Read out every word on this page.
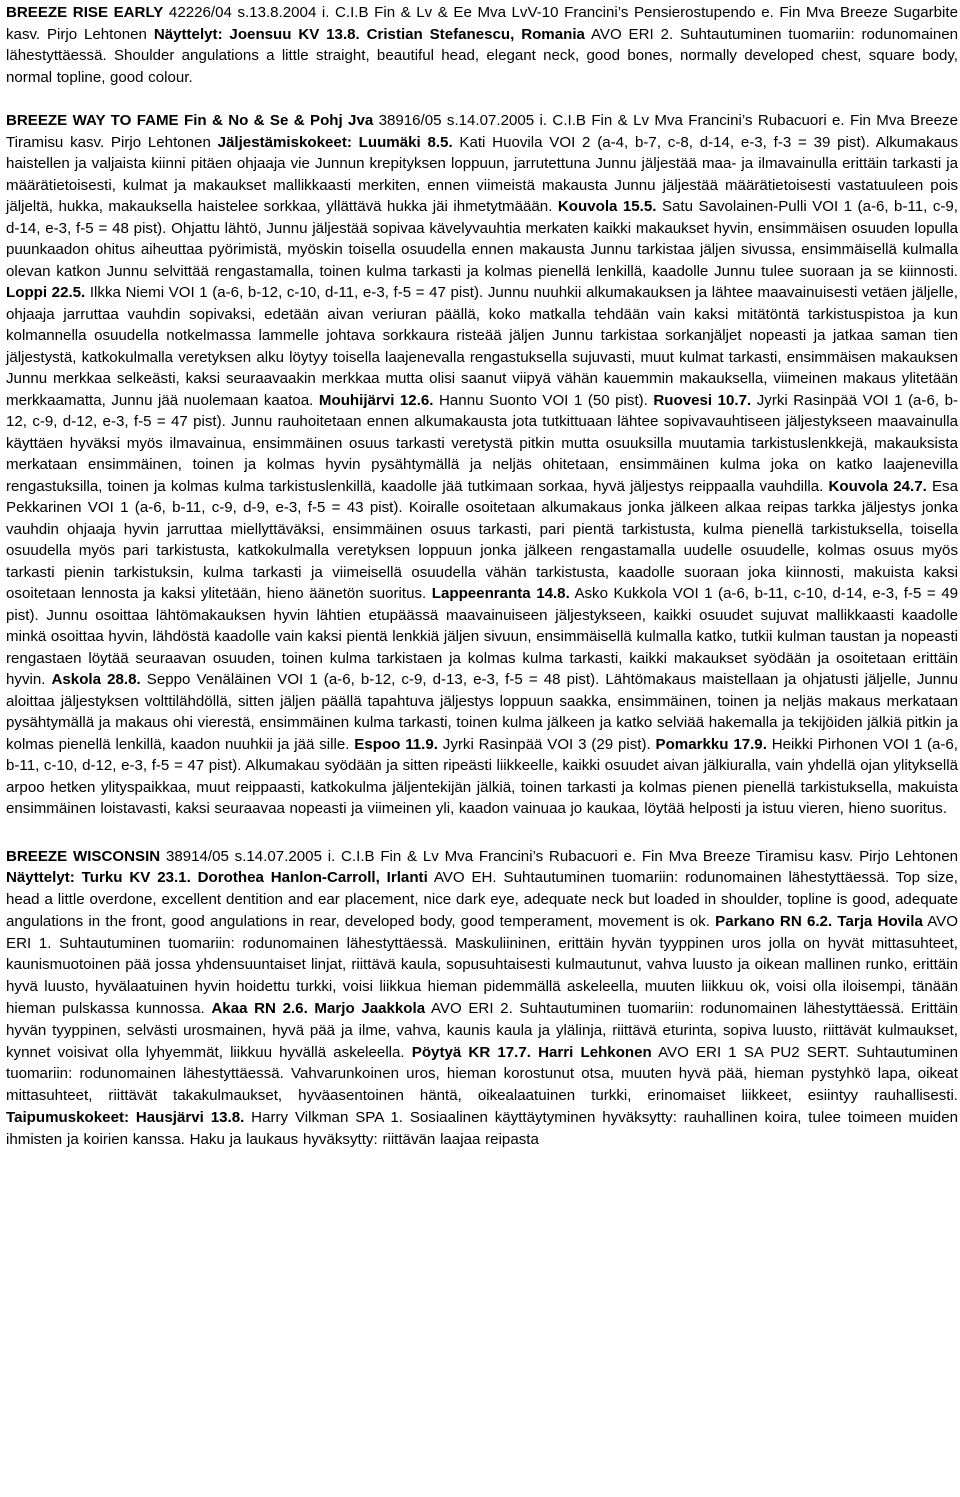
BREEZE RISE EARLY 42226/04 s.13.8.2004 i. C.I.B Fin & Lv & Ee Mva LvV-10 Francini’s Pensierostupendo e. Fin Mva Breeze Sugarbite kasv. Pirjo Lehtonen Näyttelyt: Joensuu KV 13.8. Cristian Stefanescu, Romania AVO ERI 2. Suhtautuminen tuomariin: rodunomainen lähestyttäessä. Shoulder angulations a little straight, beautiful head, elegant neck, good bones, normally developed chest, square body, normal topline, good colour.

BREEZE WAY TO FAME Fin & No & Se & Pohj Jva 38916/05 s.14.07.2005 i. C.I.B Fin & Lv Mva Francini’s Rubacuori e. Fin Mva Breeze Tiramisu kasv. Pirjo Lehtonen Jäljestämiskokeet: Luumäki 8.5. Kati Huovila VOI 2 (a-4, b-7, c-8, d-14, e-3, f-3 = 39 pist). Alkumakaus haistellen ja valjaista kiinni pitäen ohjaaja vie Junnun krepityksen loppuun, jarrutettuna Junnu jäljestää maa- ja ilmavainulla erittäin tarkasti ja määrätietoisesti, kulmat ja makaukset mallikkaasti merkiten, ennen viimeistä makausta Junnu jäljestää määrätietoisesti vastatuuleen pois jäljeltä, hukka, makauksella haistelee sorkkaa, yllättävä hukka jäi ihmetytmäään. Kouvola 15.5. Satu Savolainen-Pulli VOI 1 (a-6, b-11, c-9, d-14, e-3, f-5 = 48 pist). Ohjattu lähtö, Junnu jäljestää sopivaa kävelyvauhtia merkaten kaikki makaukset hyvin, ensimmäisen osuuden lopulla puunkaadon ohitus aiheuttaa pyörimistä, myöskin toisella osuudella ennen makausta Junnu tarkistaa jäljen sivussa, ensimmäisellä kulmalla olevan katkon Junnu selvittää rengastamalla, toinen kulma tarkasti ja kolmas pienellä lenkillä, kaadolle Junnu tulee suoraan ja se kiinnosti. Loppi 22.5. Ilkka Niemi VOI 1 (a-6, b-12, c-10, d-11, e-3, f-5 = 47 pist). Junnu nuuhkii alkumakauksen ja lähtee maavainuisesti vetäen jäljelle, ohjaaja jarruttaa vauhdin sopivaksi, edetään aivan veriuran päällä, koko matkalla tehdään vain kaksi mitätöntä tarkistuspistoa ja kun kolmannella osuudella notkelmassa lammelle johtava sorkkaura risteää jäljen Junnu tarkistaa sorkanjäljet nopeasti ja jatkaa saman tien jäljestystä, katkokulmalla veretyksen alku löytyy toisella laajenevalla rengastuksella sujuvasti, muut kulmat tarkasti, ensimmäisen makauksen Junnu merkkaa selkeästi, kaksi seuraavaakin merkkaa mutta olisi saanut viipyä vähän kauemmin makauksella, viimeinen makaus ylitetään merkkaamatta, Junnu jää nuolemaan kaatoa. Mouhijärvi 12.6. Hannu Suonto VOI 1 (50 pist). Ruovesi 10.7. Jyrki Rasinpää VOI 1 (a-6, b-12, c-9, d-12, e-3, f-5 = 47 pist). Junnu rauhoitetaan ennen alkumakausta jota tutkittuaan lähtee sopivavauhtiseen jäljestykseen maavainulla käyttäen hyväksi myös ilmavainua, ensimmäinen osuus tarkasti veretystä pitkin mutta osuuksilla muutamia tarkistuslenkkejä, makauksista merkataan ensimmäinen, toinen ja kolmas hyvin pysähtymällä ja neljäs ohitetaan, ensimmäinen kulma joka on katko laajenevilla rengastuksilla, toinen ja kolmas kulma tarkistuslenkillä, kaadolle jää tutkimaan sorkaa, hyvä jäljestys reippaalla vauhdilla. Kouvola 24.7. Esa Pekkarinen VOI 1 (a-6, b-11, c-9, d-9, e-3, f-5 = 43 pist). Koiralle osoitetaan alkumakaus jonka jälkeen alkaa reipas tarkka jäljestys jonka vauhdin ohjaaja hyvin jarruttaa miellyttäväksi, ensimmäinen osuus tarkasti, pari pientä tarkistusta, kulma pienellä tarkistuksella, toisella osuudella myös pari tarkistusta, katkokulmalla veretyksen loppuun jonka jälkeen rengastamalla uudelle osuudelle, kolmas osuus myös tarkasti pienin tarkistuksin, kulma tarkasti ja viimeisellä osuudella vähän tarkistusta, kaadolle suoraan joka kiinnosti, makuista kaksi osoitetaan lennosta ja kaksi ylitetään, hieno äänetön suoritus. Lappeenranta 14.8. Asko Kukkola VOI 1 (a-6, b-11, c-10, d-14, e-3, f-5 = 49 pist). Junnu osoittaa lähtömakauksen hyvin lähtien etupäässä maavainuiseen jäljestykseen, kaikki osuudet sujuvat mallikkaasti kaadolle minkä osoittaa hyvin, lähdöstä kaadolle vain kaksi pientä lenkkiä jäljen sivuun, ensimmäisellä kulmalla katko, tutkii kulman taustan ja nopeasti rengastaen löytää seuraavan osuuden, toinen kulma tarkistaen ja kolmas kulma tarkasti, kaikki makaukset syödään ja osoitetaan erittäin hyvin. Askola 28.8. Seppo Venäläinen VOI 1 (a-6, b-12, c-9, d-13, e-3, f-5 = 48 pist). Lähtömakaus maistellaan ja ohjatusti jäljelle, Junnu aloittaa jäljestyksen volttilähdöllä, sitten jäljen päällä tapahtuva jäljestys loppuun saakka, ensimmäinen, toinen ja neljäs makaus merkataan pysähtymällä ja makaus ohi vierestä, ensimmäinen kulma tarkasti, toinen kulma jälkeen ja katko selviää hakemalla ja tekijöiden jälkiä pitkin ja kolmas pienellä lenkillä, kaadon nuuhkii ja jää sille. Espoo 11.9. Jyrki Rasinpää VOI 3 (29 pist). Pomarkku 17.9. Heikki Pirhonen VOI 1 (a-6, b-11, c-10, d-12, e-3, f-5 = 47 pist). Alkumakau syödään ja sitten ripeästi liikkeelle, kaikki osuudet aivan jälkiuralla, vain yhdellä ojan ylityksellä arpoo hetken ylityspaikkaa, muut reippaasti, katkokulma jäljentekijän jälkiä, toinen tarkasti ja kolmas pienen pienellä tarkistuksella, makuista ensimmäinen loistavasti, kaksi seuraavaa nopeasti ja viimeinen yli, kaadon vainuaa jo kaukaa, löytää helposti ja istuu vieren, hieno suoritus.

BREEZE WISCONSIN 38914/05 s.14.07.2005 i. C.I.B Fin & Lv Mva Francini’s Rubacuori e. Fin Mva Breeze Tiramisu kasv. Pirjo Lehtonen Näyttelyt: Turku KV 23.1. Dorothea Hanlon-Carroll, Irlanti AVO EH. Suhtautuminen tuomariin: rodunomainen lähestyttäessä. Top size, head a little overdone, excellent dentition and ear placement, nice dark eye, adequate neck but loaded in shoulder, topline is good, adequate angulations in the front, good angulations in rear, developed body, good temperament, movement is ok. Parkano RN 6.2. Tarja Hovila AVO ERI 1. Suhtautuminen tuomariin: rodunomainen lähestyttäessä. Maskuliininen, erittäin hyvän tyyppinen uros jolla on hyvät mittasuhteet, kaunismuotoinen pää jossa yhdensuuntaiset linjat, riittävä kaula, sopusuhtaisesti kulmautunut, vahva luusto ja oikean mallinen runko, erittäin hyvä luusto, hyvälaatuinen hyvin hoidettu turkki, voisi liikkua hieman pidemmällä askeleella, muuten liikkuu ok, voisi olla iloisempi, tänään hieman pulskassa kunnossa. Akaa RN 2.6. Marjo Jaakkola AVO ERI 2. Suhtautuminen tuomariin: rodunomainen lähestyttäessä. Erittäin hyvän tyyppinen, selvästi urosmainen, hyvä pää ja ilme, vahva, kaunis kaula ja ylälinja, riittävä eturinta, sopiva luusto, riittävät kulmaukset, kynnet voisivat olla lyhyemmät, liikkuu hyvällä askeleella. Pöytyä KR 17.7. Harri Lehkonen AVO ERI 1 SA PU2 SERT. Suhtautuminen tuomariin: rodunomainen lähestyttäessä. Vahvarunkoinen uros, hieman korostunut otsa, muuten hyvä pää, hieman pystyhkö lapa, oikeat mittasuhteet, riittävät takakulmaukset, hyväasentoinen häntä, oikealaatuinen turkki, erinomaiset liikkeet, esiintyy rauhallisesti. Taipumuskokeet: Hausjärvi 13.8. Harry Vilkman SPA 1. Sosiaalinen käyttäytyminen hyväksytty: rauhallinen koira, tulee toimeen muiden ihmisten ja koirien kanssa. Haku ja laukaus hyväksytty: riittävän laajaa reipasta
